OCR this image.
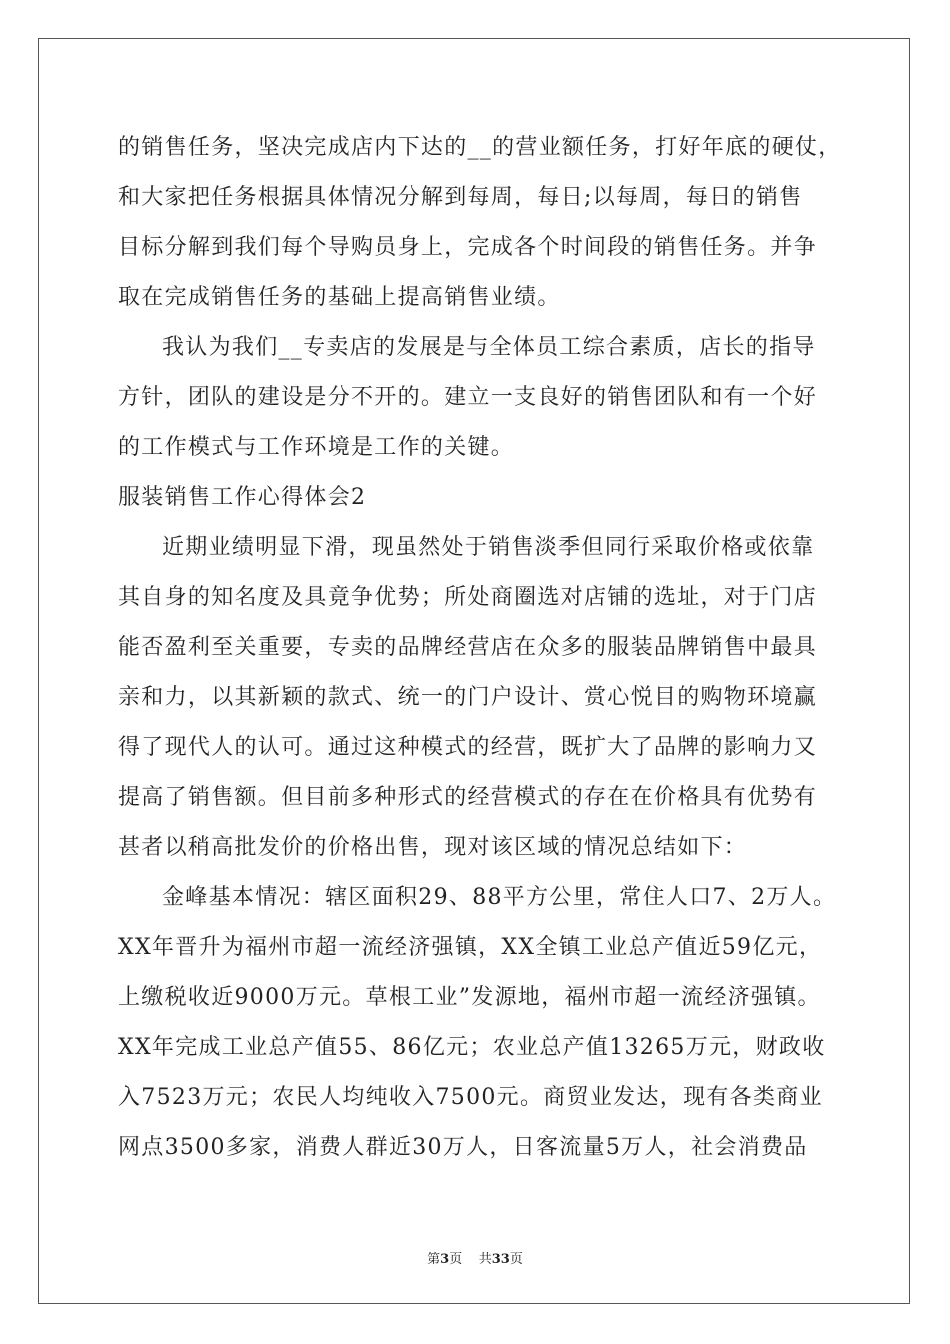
的销售任务，坚决完成店内下达的__的营业额任务，打好年底的硬仗，

和大家把任务根据具体情况分解到每周，每日;以每周，每日的销售

目标分解到我们每个导购员身上，完成各个时间段的销售任务。并争

取在完成销售任务的基础上提高销售业绩。

我认为我们__专卖店的发展是与全体员工综合素质，店长的指导

方针，团队的建设是分不开的。建立一支良好的销售团队和有一个好

的工作模式与工作环境是工作的关键。

服装销售工作心得体会2

近期业绩明显下滑，现虽然处于销售淡季但同行采取价格或依靠

其自身的知名度及具竟争优势；所处商圈选对店铺的选址，对于门店

能否盈利至关重要，专卖的品牌经营店在众多的服装品牌销售中最具

亲和力，以其新颖的款式、统一的门户设计、赏心悦目的购物环境赢

得了现代人的认可。通过这种模式的经营，既扩大了品牌的影响力又

提高了销售额。但目前多种形式的经营模式的存在在价格具有优势有

甚者以稍高批发价的价格出售，现对该区域的情况总结如下：

金峰基本情况：辖区面积29、88平方公里，常住人口7、2万人。

XX年晋升为福州市超一流经济强镇，XX全镇工业总产值近59亿元，

上缴税收近9000万元。草根工业”发源地，福州市超一流经济强镇。

XX年完成工业总产值55、86亿元；农业总产值13265万元，财政收

入7523万元；农民人均纯收入7500元。商贸业发达，现有各类商业

网点3500多家，消费人群近30万人，日客流量5万人，社会消费品

第3页 共33页
